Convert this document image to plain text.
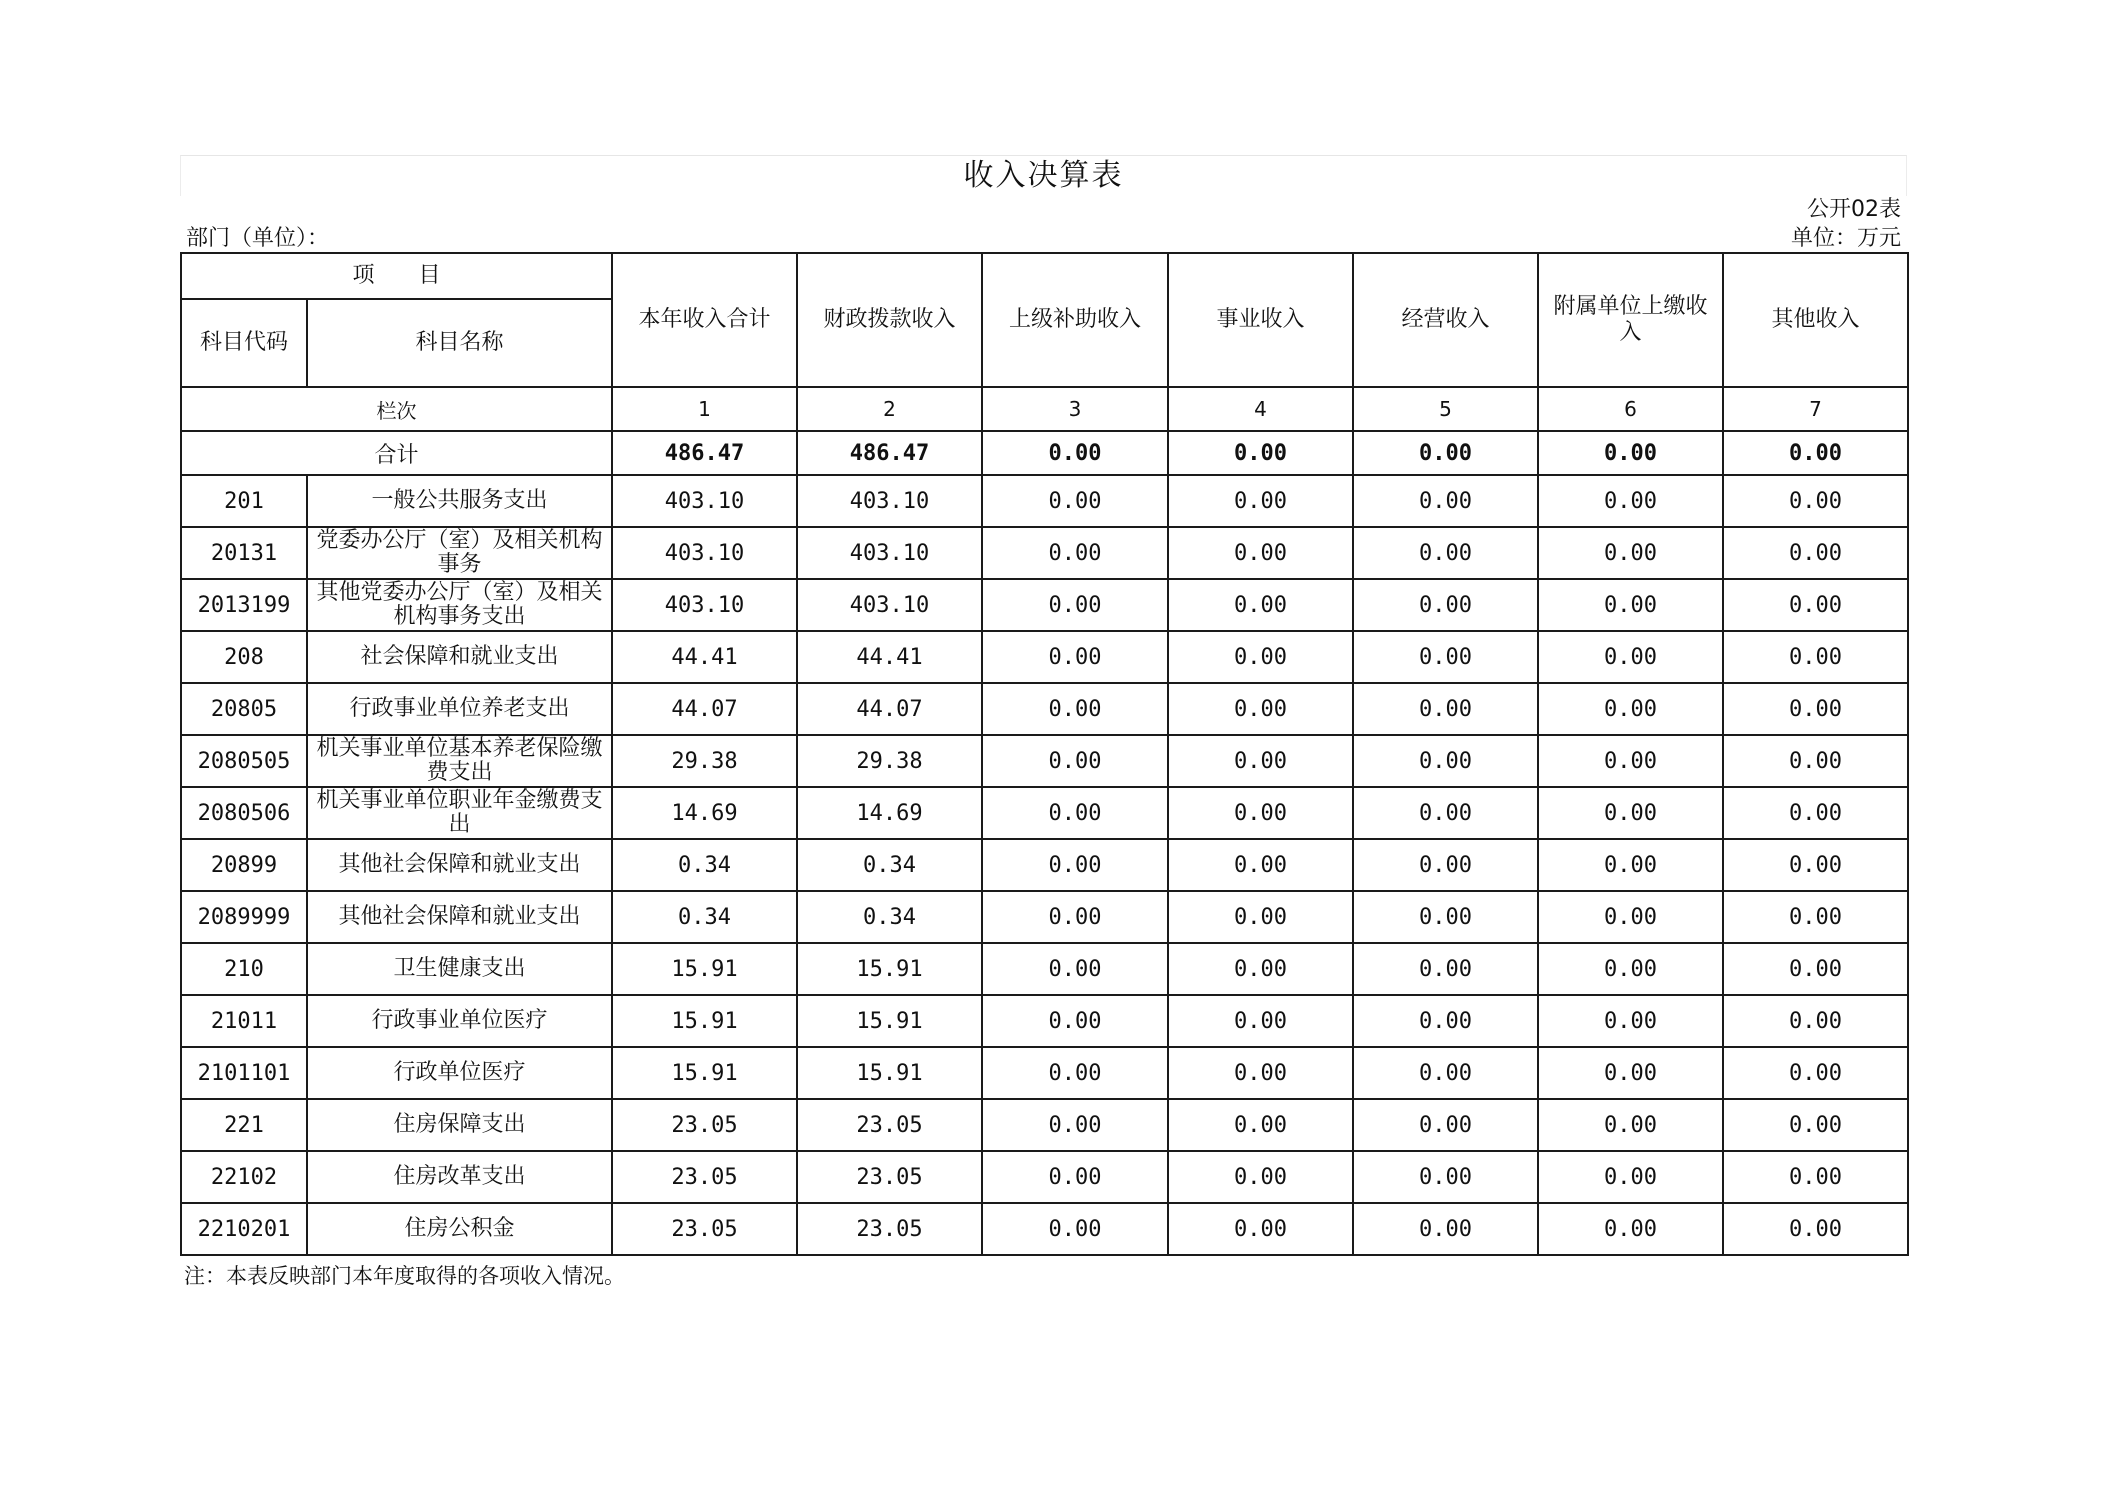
收入决算表
部门（单位）：
公开02表
单位：万元
项　　目		本年收入合计	财政拨款收入	上级补助收入	事业收入	经营收入	附属单位上缴收入	其他收入
科目代码	科目名称							
栏次		1	2	3	4	5	6	7
合计		486.47	486.47	0.00	0.00	0.00	0.00	0.00
201	一般公共服务支出	403.10	403.10	0.00	0.00	0.00	0.00	0.00
20131	党委办公厅（室）及相关机构事务	403.10	403.10	0.00	0.00	0.00	0.00	0.00
2013199	其他党委办公厅（室）及相关机构事务支出	403.10	403.10	0.00	0.00	0.00	0.00	0.00
208	社会保障和就业支出	44.41	44.41	0.00	0.00	0.00	0.00	0.00
20805	行政事业单位养老支出	44.07	44.07	0.00	0.00	0.00	0.00	0.00
2080505	机关事业单位基本养老保险缴费支出	29.38	29.38	0.00	0.00	0.00	0.00	0.00
2080506	机关事业单位职业年金缴费支出	14.69	14.69	0.00	0.00	0.00	0.00	0.00
20899	其他社会保障和就业支出	0.34	0.34	0.00	0.00	0.00	0.00	0.00
2089999	其他社会保障和就业支出	0.34	0.34	0.00	0.00	0.00	0.00	0.00
210	卫生健康支出	15.91	15.91	0.00	0.00	0.00	0.00	0.00
21011	行政事业单位医疗	15.91	15.91	0.00	0.00	0.00	0.00	0.00
2101101	行政单位医疗	15.91	15.91	0.00	0.00	0.00	0.00	0.00
221	住房保障支出	23.05	23.05	0.00	0.00	0.00	0.00	0.00
22102	住房改革支出	23.05	23.05	0.00	0.00	0.00	0.00	0.00
2210201	住房公积金	23.05	23.05	0.00	0.00	0.00	0.00	0.00
注：本表反映部门本年度取得的各项收入情况。
